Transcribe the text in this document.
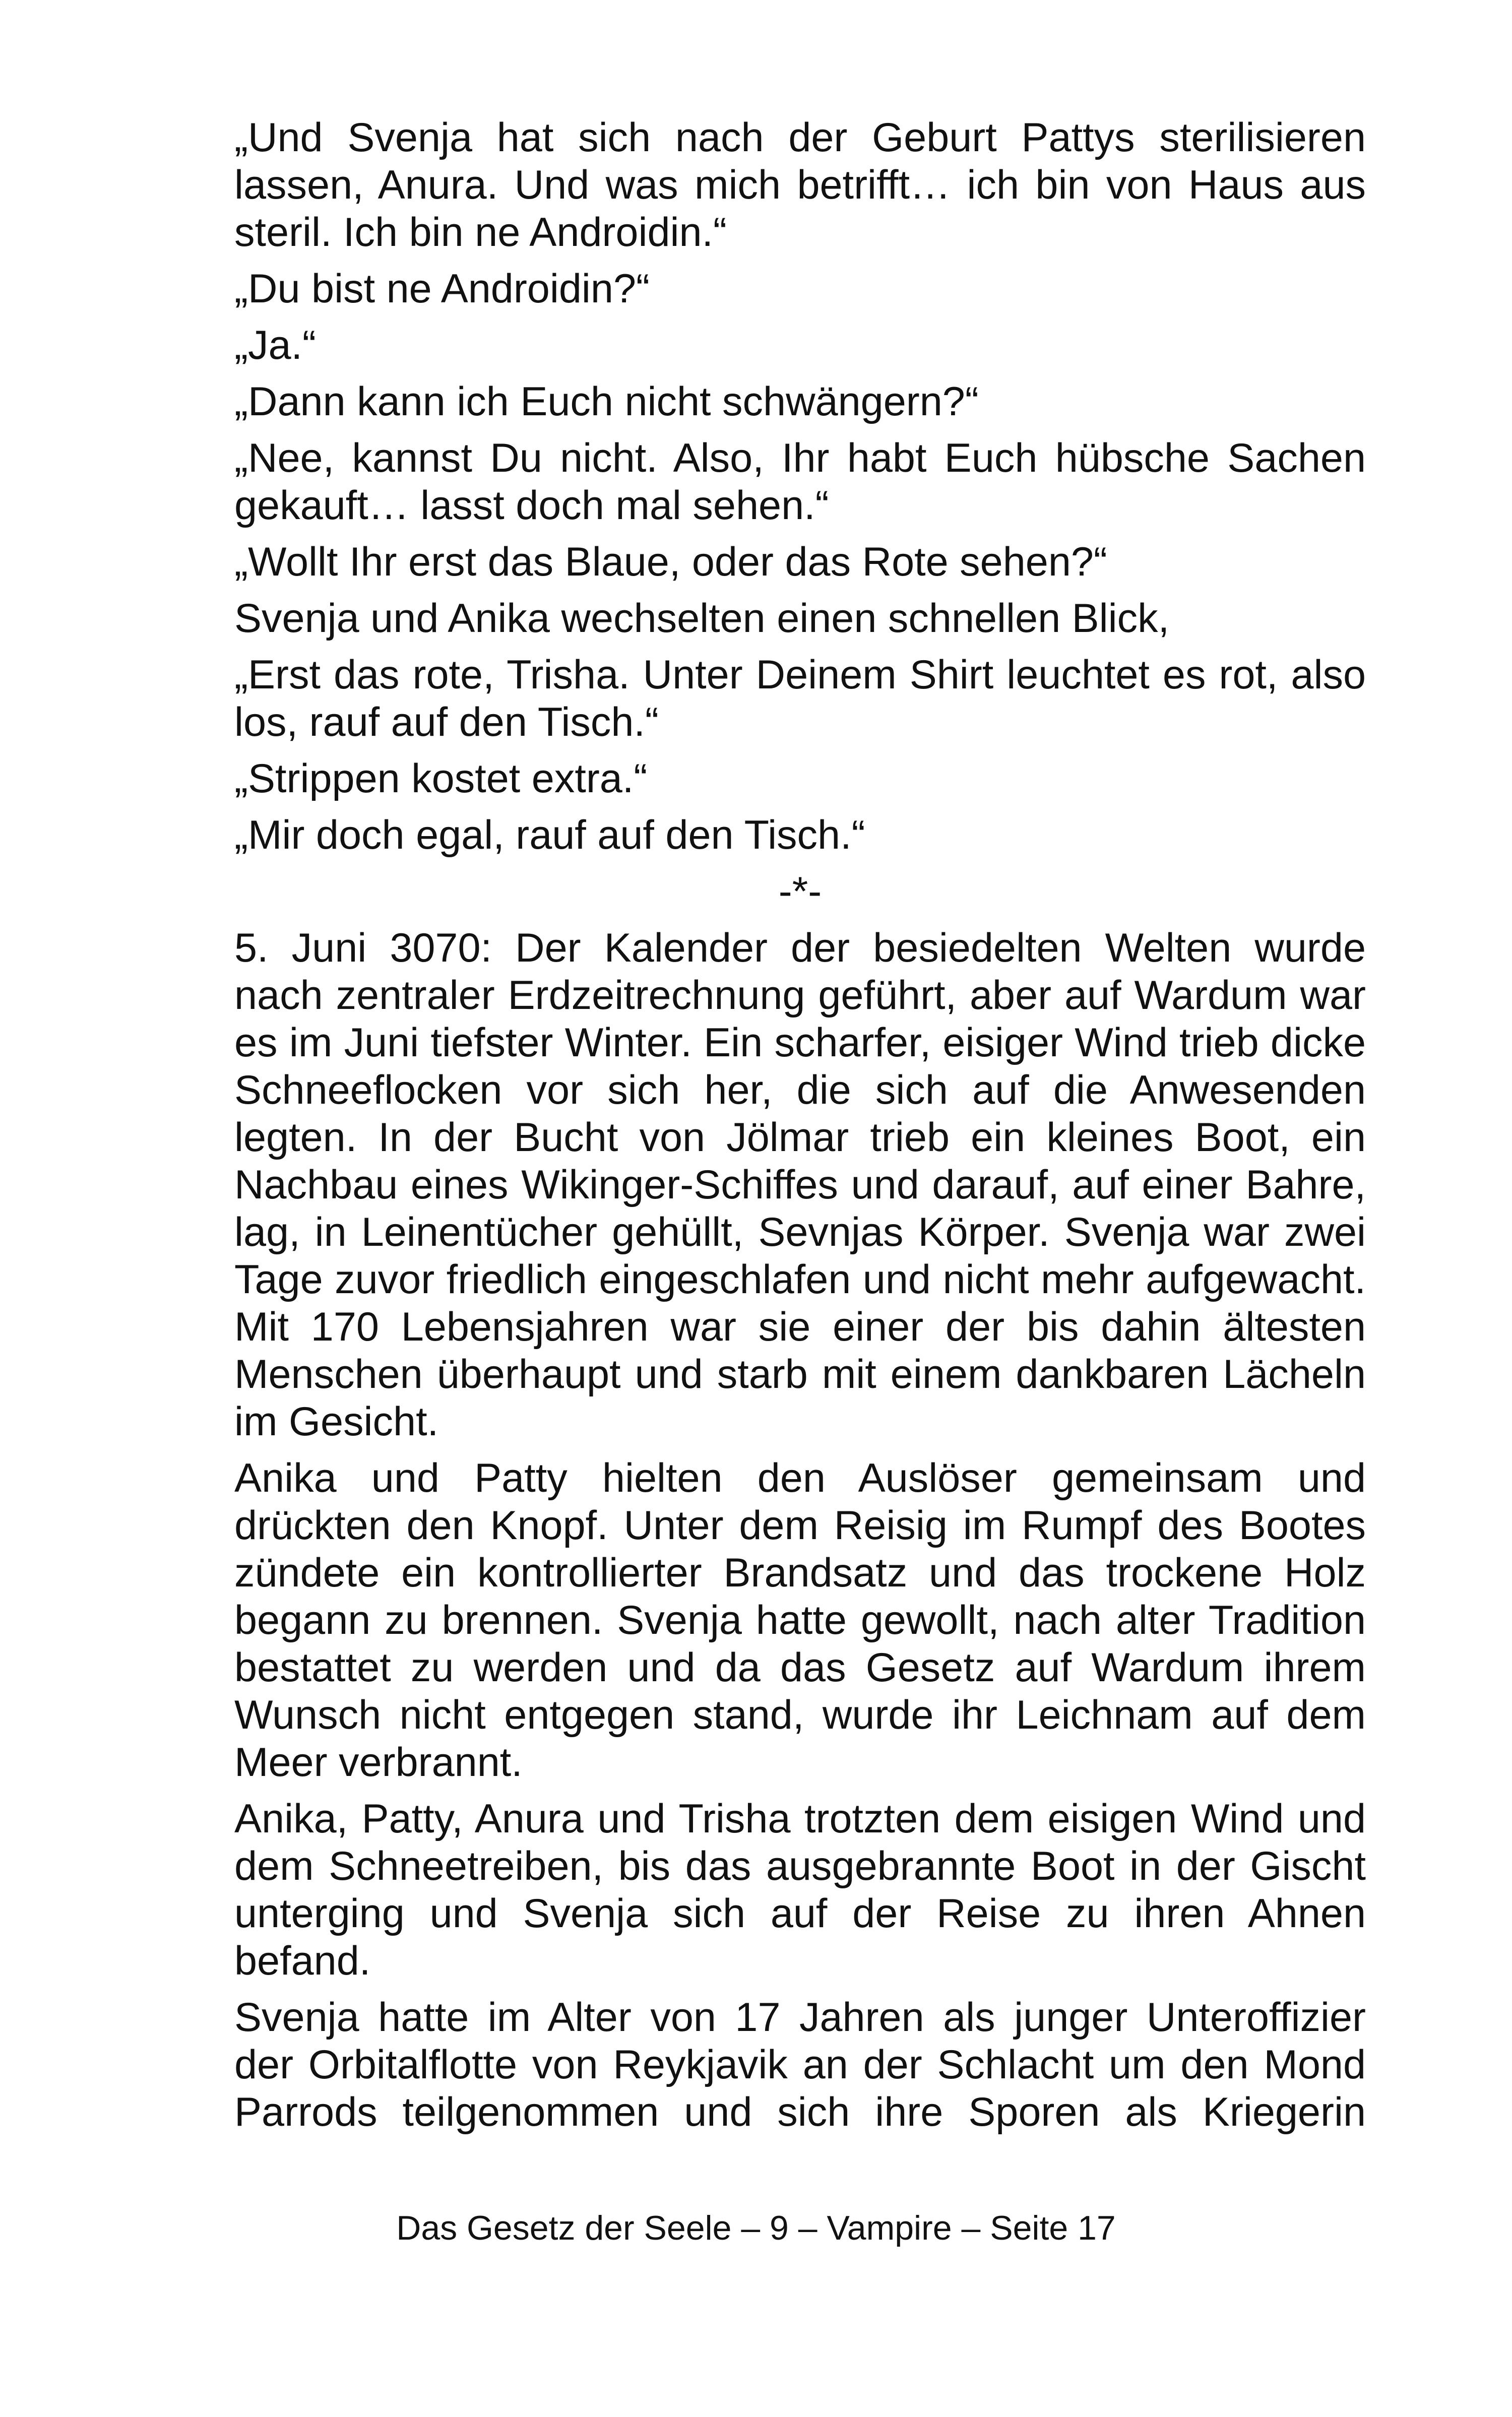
„Und Svenja hat sich nach der Geburt Pattys sterilisieren lassen, Anura. Und was mich betrifft… ich bin von Haus aus steril. Ich bin ne Androidin.“

„Du bist ne Androidin?“

„Ja.“

„Dann kann ich Euch nicht schwängern?“

„Nee, kannst Du nicht. Also, Ihr habt Euch hübsche Sachen gekauft… lasst doch mal sehen.“

„Wollt Ihr erst das Blaue, oder das Rote sehen?“

Svenja und Anika wechselten einen schnellen Blick,

„Erst das rote, Trisha. Unter Deinem Shirt leuchtet es rot, also los, rauf auf den Tisch.“

„Strippen kostet extra.“

„Mir doch egal, rauf auf den Tisch.“

-*-

5. Juni 3070: Der Kalender der besiedelten Welten wurde nach zentraler Erdzeitrechnung geführt, aber auf Wardum war es im Juni tiefster Winter. Ein scharfer, eisiger Wind trieb dicke Schneeflocken vor sich her, die sich auf die Anwesenden legten. In der Bucht von Jölmar trieb ein kleines Boot, ein Nachbau eines Wikinger-Schiffes und darauf, auf einer Bahre, lag, in Leinentücher gehüllt, Sevnjas Körper. Svenja war zwei Tage zuvor friedlich eingeschlafen und nicht mehr aufgewacht. Mit 170 Lebensjahren war sie einer der bis dahin ältesten Menschen überhaupt und starb mit einem dankbaren Lächeln im Gesicht.

Anika und Patty hielten den Auslöser gemeinsam und drückten den Knopf. Unter dem Reisig im Rumpf des Bootes zündete ein kontrollierter Brandsatz und das trockene Holz begann zu brennen. Svenja hatte gewollt, nach alter Tradition bestattet zu werden und da das Gesetz auf Wardum ihrem Wunsch nicht entgegen stand, wurde ihr Leichnam auf dem Meer verbrannt.

Anika, Patty, Anura und Trisha trotzten dem eisigen Wind und dem Schneetreiben, bis das ausgebrannte Boot in der Gischt unterging und Svenja sich auf der Reise zu ihren Ahnen befand.

Svenja hatte im Alter von 17 Jahren als junger Unteroffizier der Orbitalflotte von Reykjavik an der Schlacht um den Mond Parrods teilgenommen und sich ihre Sporen als Kriegerin

Das Gesetz der Seele – 9 – Vampire – Seite 17
